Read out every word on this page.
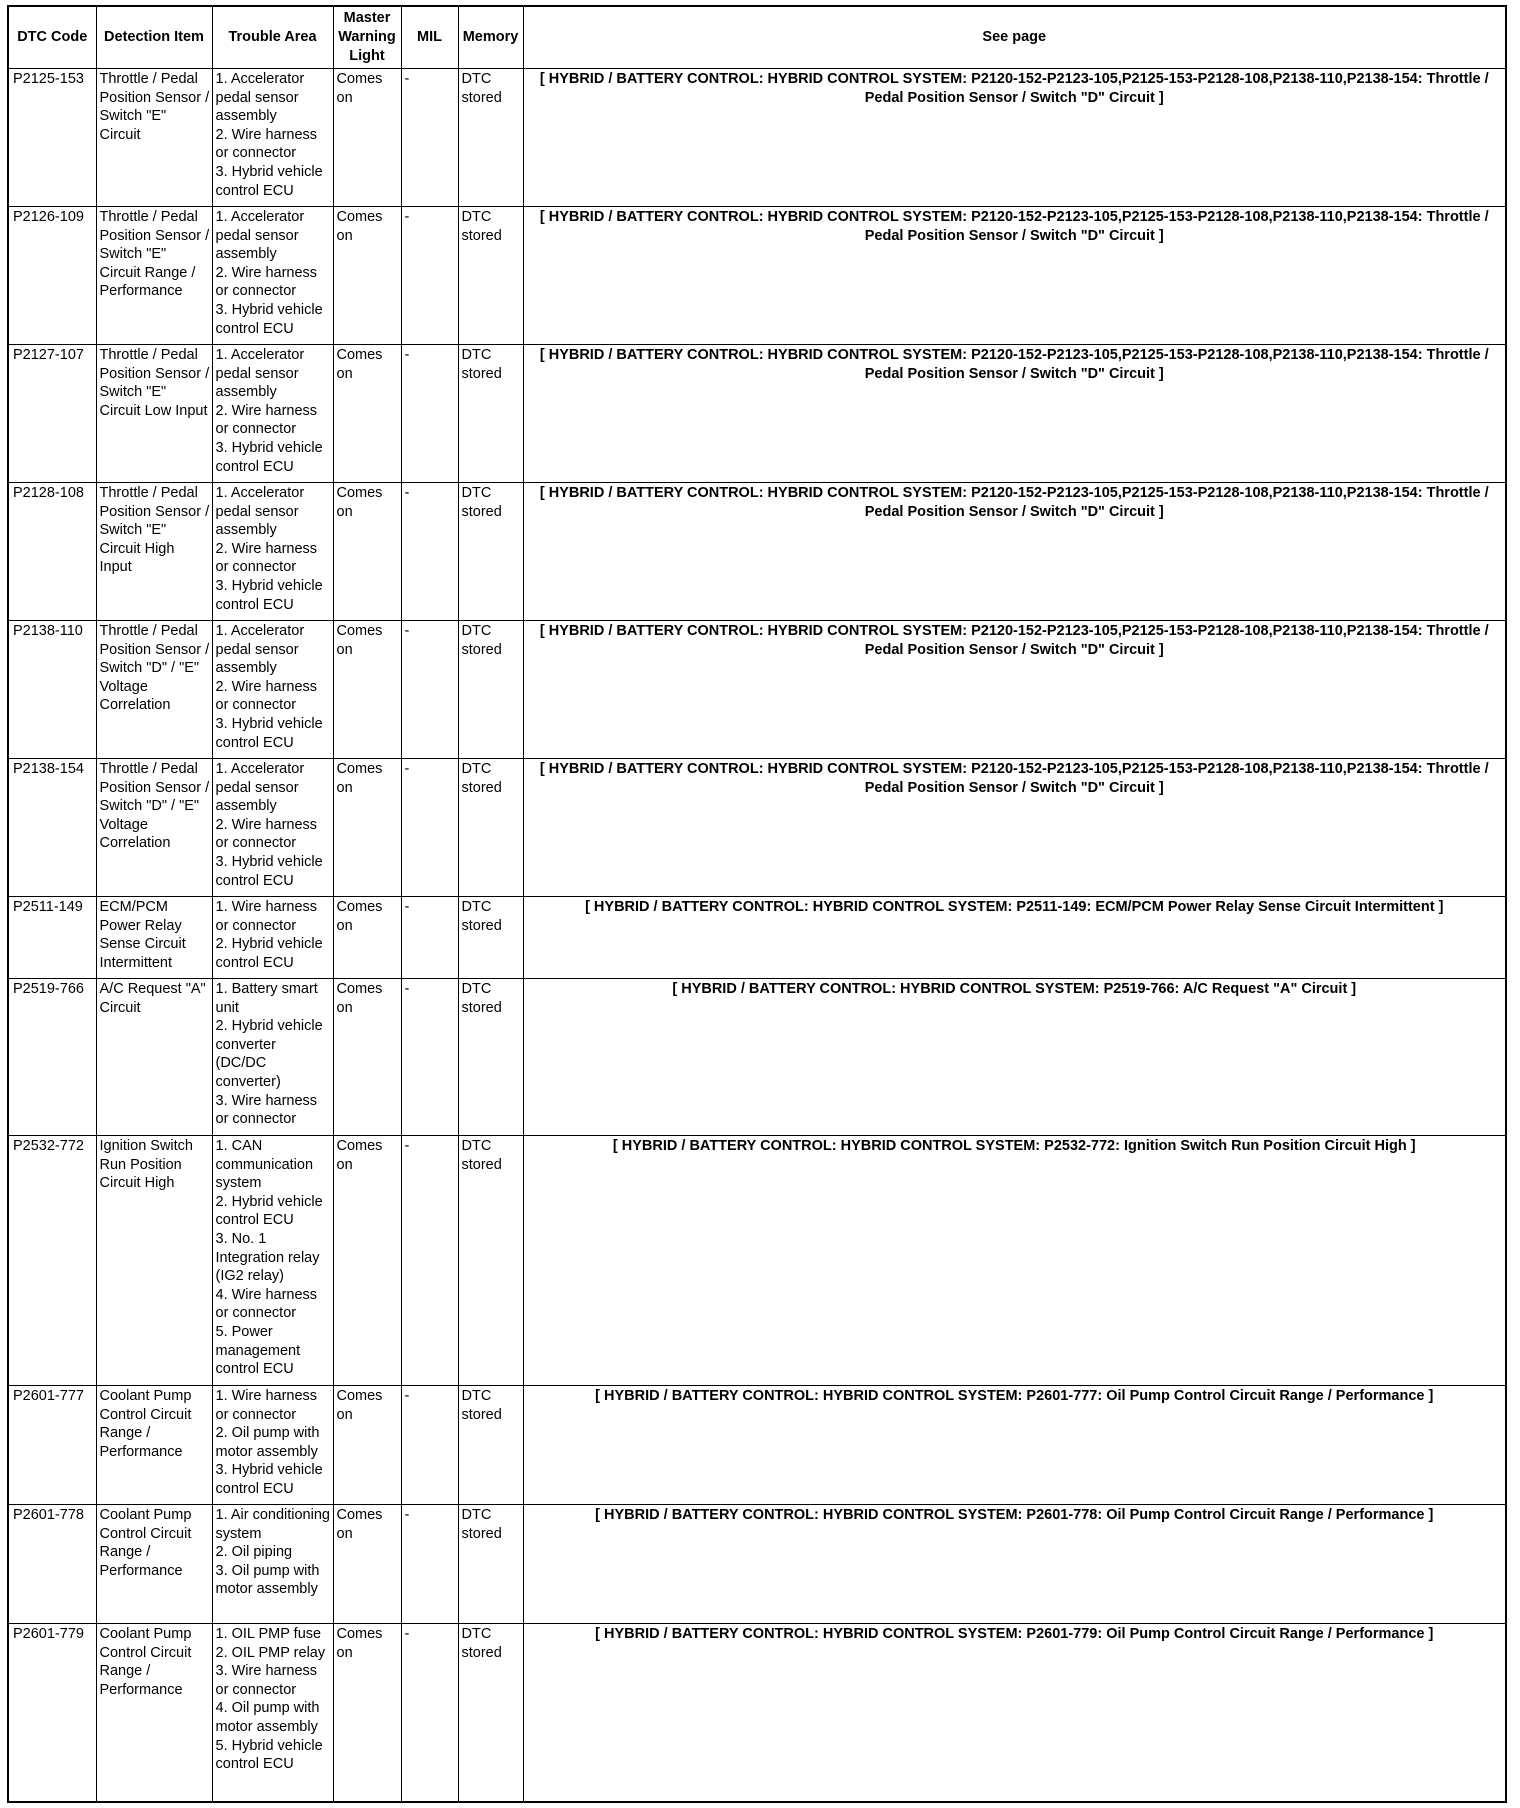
DTC Code	Detection Item	Trouble Area	Master Warning Light	MIL	Memory	See page
P2125-153	Throttle / Pedal Position Sensor / Switch "E" Circuit	1. Accelerator pedal sensor assembly
2. Wire harness or connector
3. Hybrid vehicle control ECU	Comes on	-	DTC stored	[ HYBRID / BATTERY CONTROL: HYBRID CONTROL SYSTEM: P2120-152-P2123-105,P2125-153-P2128-108,P2138-110,P2138-154: Throttle / Pedal Position Sensor / Switch "D" Circuit ]
P2126-109	Throttle / Pedal Position Sensor / Switch "E" Circuit Range / Performance	1. Accelerator pedal sensor assembly
2. Wire harness or connector
3. Hybrid vehicle control ECU	Comes on	-	DTC stored	[ HYBRID / BATTERY CONTROL: HYBRID CONTROL SYSTEM: P2120-152-P2123-105,P2125-153-P2128-108,P2138-110,P2138-154: Throttle / Pedal Position Sensor / Switch "D" Circuit ]
P2127-107	Throttle / Pedal Position Sensor / Switch "E" Circuit Low Input	1. Accelerator pedal sensor assembly
2. Wire harness or connector
3. Hybrid vehicle control ECU	Comes on	-	DTC stored	[ HYBRID / BATTERY CONTROL: HYBRID CONTROL SYSTEM: P2120-152-P2123-105,P2125-153-P2128-108,P2138-110,P2138-154: Throttle / Pedal Position Sensor / Switch "D" Circuit ]
P2128-108	Throttle / Pedal Position Sensor / Switch "E" Circuit High Input	1. Accelerator pedal sensor assembly
2. Wire harness or connector
3. Hybrid vehicle control ECU	Comes on	-	DTC stored	[ HYBRID / BATTERY CONTROL: HYBRID CONTROL SYSTEM: P2120-152-P2123-105,P2125-153-P2128-108,P2138-110,P2138-154: Throttle / Pedal Position Sensor / Switch "D" Circuit ]
P2138-110	Throttle / Pedal Position Sensor / Switch "D" / "E" Voltage Correlation	1. Accelerator pedal sensor assembly
2. Wire harness or connector
3. Hybrid vehicle control ECU	Comes on	-	DTC stored	[ HYBRID / BATTERY CONTROL: HYBRID CONTROL SYSTEM: P2120-152-P2123-105,P2125-153-P2128-108,P2138-110,P2138-154: Throttle / Pedal Position Sensor / Switch "D" Circuit ]
P2138-154	Throttle / Pedal Position Sensor / Switch "D" / "E" Voltage Correlation	1. Accelerator pedal sensor assembly
2. Wire harness or connector
3. Hybrid vehicle control ECU	Comes on	-	DTC stored	[ HYBRID / BATTERY CONTROL: HYBRID CONTROL SYSTEM: P2120-152-P2123-105,P2125-153-P2128-108,P2138-110,P2138-154: Throttle / Pedal Position Sensor / Switch "D" Circuit ]
P2511-149	ECM/PCM Power Relay Sense Circuit Intermittent	1. Wire harness or connector
2. Hybrid vehicle control ECU	Comes on	-	DTC stored	[ HYBRID / BATTERY CONTROL: HYBRID CONTROL SYSTEM: P2511-149: ECM/PCM Power Relay Sense Circuit Intermittent ]
P2519-766	A/C Request "A" Circuit	1. Battery smart unit
2. Hybrid vehicle converter (DC/DC converter)
3. Wire harness or connector	Comes on	-	DTC stored	[ HYBRID / BATTERY CONTROL: HYBRID CONTROL SYSTEM: P2519-766: A/C Request "A" Circuit ]
P2532-772	Ignition Switch Run Position Circuit High	1. CAN communication system
2. Hybrid vehicle control ECU
3. No. 1 Integration relay (IG2 relay)
4. Wire harness or connector
5. Power management control ECU	Comes on	-	DTC stored	[ HYBRID / BATTERY CONTROL: HYBRID CONTROL SYSTEM: P2532-772: Ignition Switch Run Position Circuit High ]
P2601-777	Coolant Pump Control Circuit Range / Performance	1. Wire harness or connector
2. Oil pump with motor assembly
3. Hybrid vehicle control ECU	Comes on	-	DTC stored	[ HYBRID / BATTERY CONTROL: HYBRID CONTROL SYSTEM: P2601-777: Oil Pump Control Circuit Range / Performance ]
P2601-778	Coolant Pump Control Circuit Range / Performance	1. Air conditioning system
2. Oil piping
3. Oil pump with motor assembly	Comes on	-	DTC stored	[ HYBRID / BATTERY CONTROL: HYBRID CONTROL SYSTEM: P2601-778: Oil Pump Control Circuit Range / Performance ]
P2601-779	Coolant Pump Control Circuit Range / Performance	1. OIL PMP fuse
2. OIL PMP relay
3. Wire harness or connector
4. Oil pump with motor assembly
5. Hybrid vehicle control ECU	Comes on	-	DTC stored	[ HYBRID / BATTERY CONTROL: HYBRID CONTROL SYSTEM: P2601-779: Oil Pump Control Circuit Range / Performance ]
